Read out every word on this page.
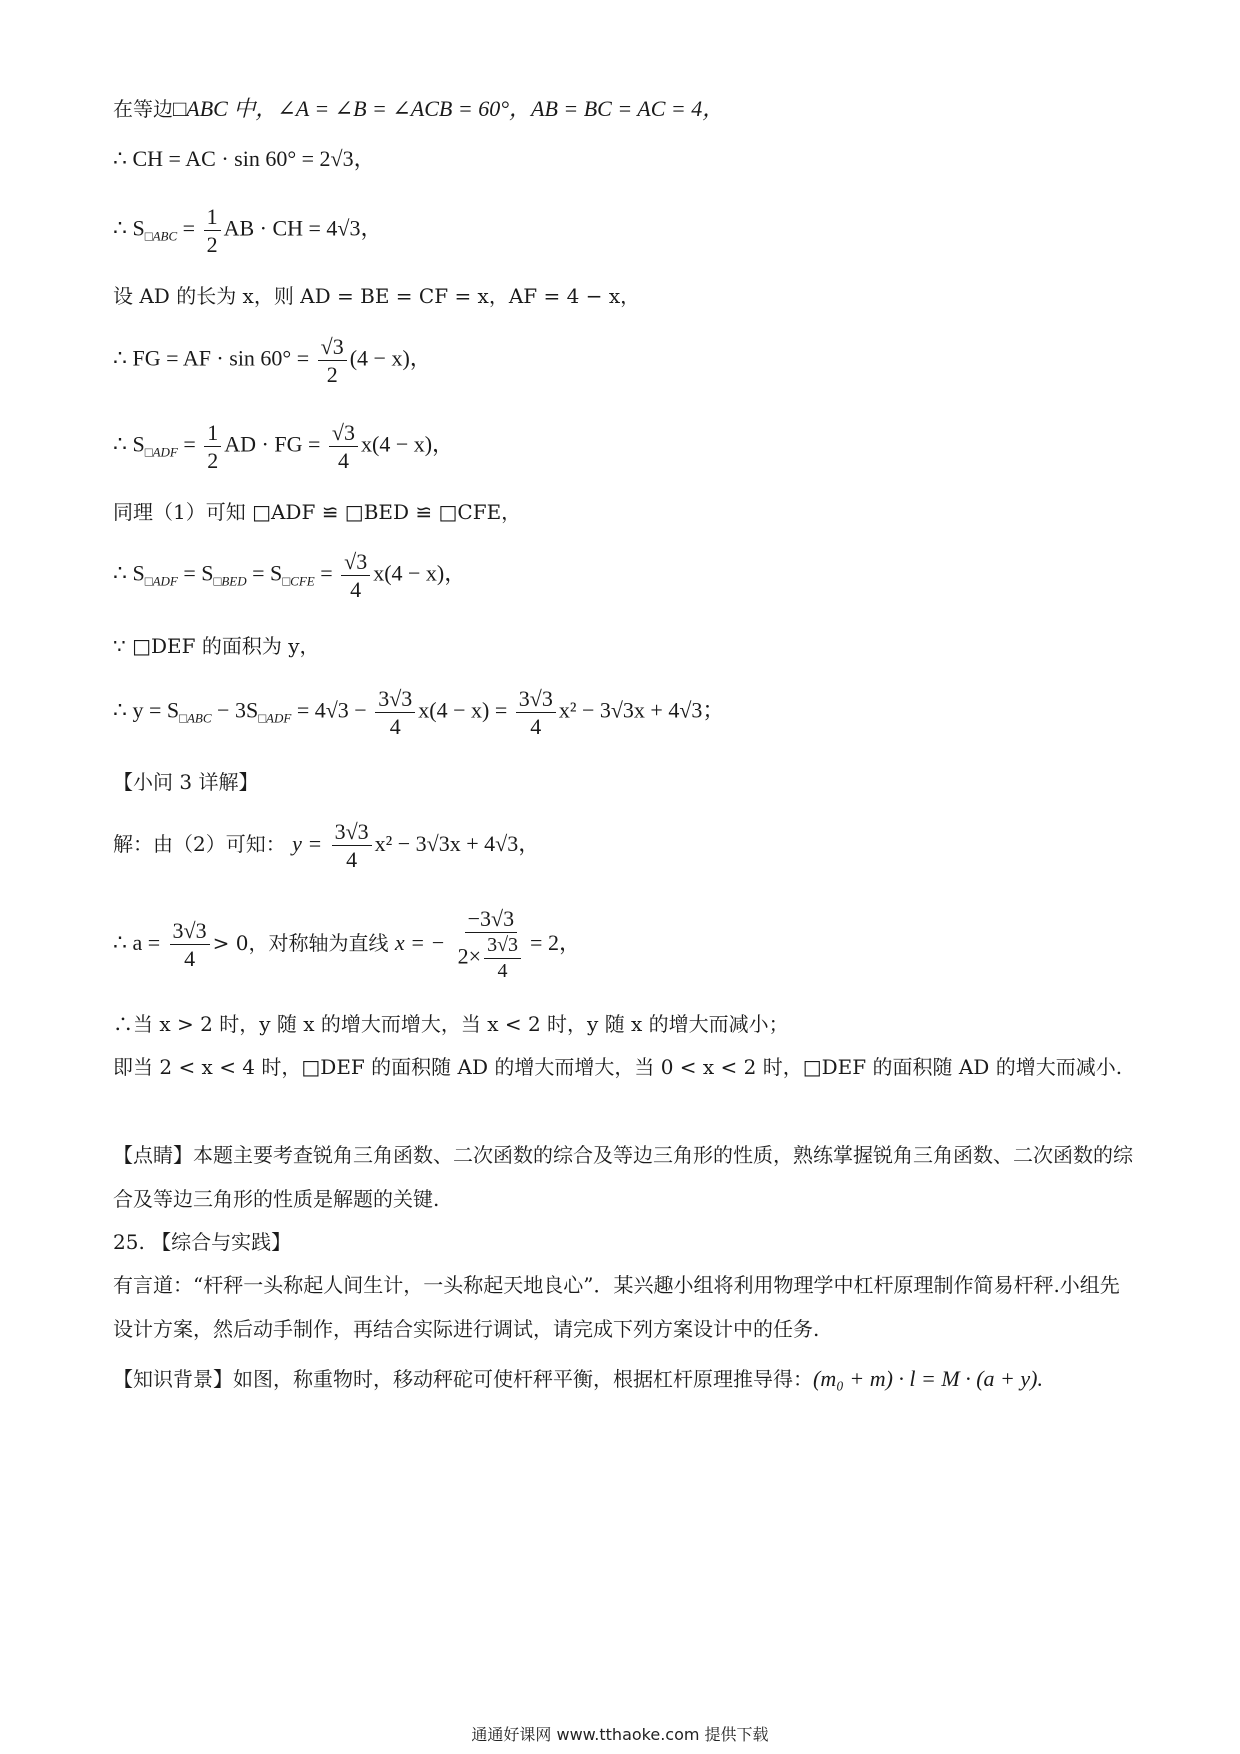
在等边□ABC 中，∠A = ∠B = ∠ACB = 60°，AB = BC = AC = 4，
∴ CH = AC · sin 60° = 2√3，
∴ $S_{□ABC} = \frac{1}{2}$ AB · CH = 4√3，
设 AD 的长为 x，则 AD = BE = CF = x，AF = 4 − x，
∴ FG = AF · $\sin 60^\circ = \frac{√3}{2} (4 - x)$，
∴ $S_{□ADF} = \frac{1}{2}$ AD · FG = $\frac{√3}{4} x(4 - x)$，
同理（1）可知 □ADF ≌ □BED ≌ □CFE，
∴ $S_{□ADF} = S_{□BED} = S_{□CFE} = \frac{√3}{4} x(4 - x)$，
∵ □DEF 的面积为 y，
∴ $y = S_{□ABC} - 3S_{□ADF} = 4√3 - \frac{3√3}{4} x(4 - x) = \frac{3√3}{4} x^2 - 3√3x + 4√3$；
【小问 3 详解】
解：由（2）可知： $y = \frac{3√3}{4} x^2 - 3√3x + 4√3$，
∴ $a = \frac{3√3}{4} > 0$，对称轴为直线 x = − $\frac{-3√3}{2\times \frac{3√3}{4}} = 2$，
∴当 x > 2 时，y 随 x 的增大而增大，当 x < 2 时，y 随 x 的增大而减小；
即当 2 < x < 4 时，□DEF 的面积随 AD 的增大而增大，当 0 < x < 2 时，□DEF 的面积随 AD 的增大而减小.
【点睛】本题主要考查锐角三角函数、二次函数的综合及等边三角形的性质，熟练掌握锐角三角函数、二次函数的综合及等边三角形的性质是解题的关键.
25. 【综合与实践】
有言道：“杆秤一头称起人间生计，一头称起天地良心”．某兴趣小组将利用物理学中杠杆原理制作简易杆秤.小组先设计方案，然后动手制作，再结合实际进行调试，请完成下列方案设计中的任务.
【知识背景】如图，称重物时，移动秤砣可使杆秤平衡，根据杠杆原理推导得：(m₀ + m) · l = M · (a + y).
通通好课网 www.tthaoke.com 提供下载
